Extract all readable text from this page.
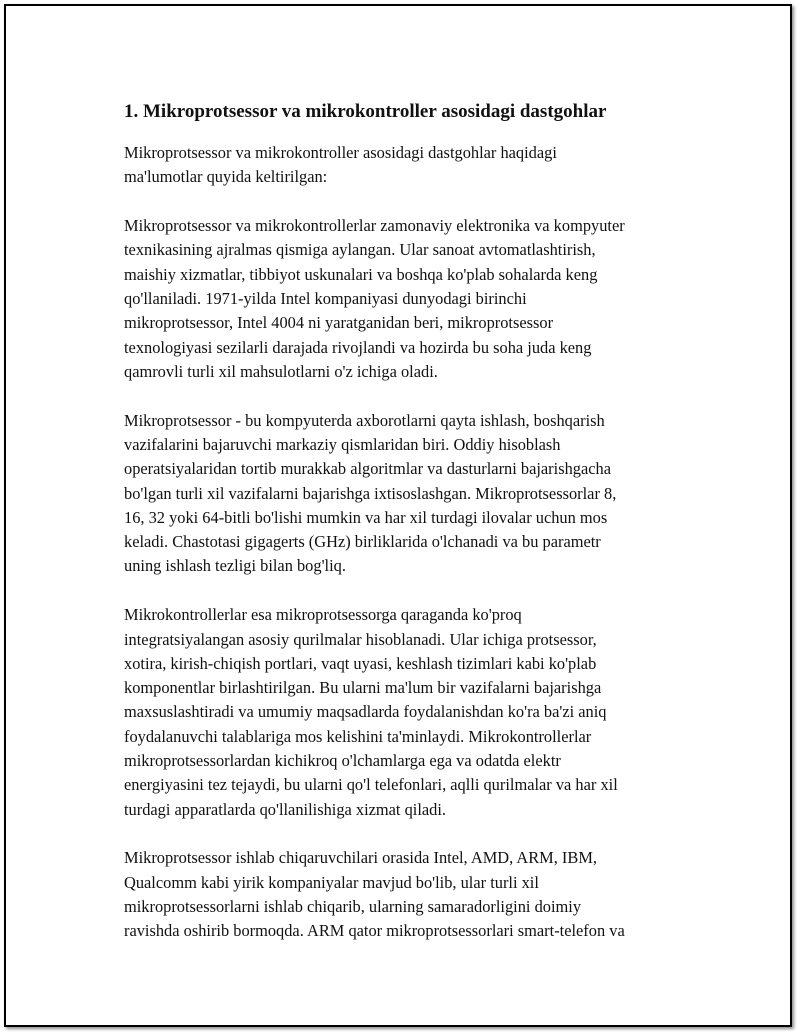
1. Mikroprotsessor va mikrokontroller asosidagi dastgohlar

Mikroprotsessor va mikrokontroller asosidagi dastgohlar haqidagi
ma'lumotlar quyida keltirilgan:

Mikroprotsessor va mikrokontrollerlar zamonaviy elektronika va kompyuter
texnikasining ajralmas qismiga aylangan. Ular sanoat avtomatlashtirish,
maishiy xizmatlar, tibbiyot uskunalari va boshqa ko'plab sohalarda keng
qo'llaniladi. 1971-yilda Intel kompaniyasi dunyodagi birinchi
mikroprotsessor, Intel 4004 ni yaratganidan beri, mikroprotsessor
texnologiyasi sezilarli darajada rivojlandi va hozirda bu soha juda keng
qamrovli turli xil mahsulotlarni o'z ichiga oladi.

Mikroprotsessor - bu kompyuterda axborotlarni qayta ishlash, boshqarish
vazifalarini bajaruvchi markaziy qismlaridan biri. Oddiy hisoblash
operatsiyalaridan tortib murakkab algoritmlar va dasturlarni bajarishgacha
bo'lgan turli xil vazifalarni bajarishga ixtisoslashgan. Mikroprotsessorlar 8,
16, 32 yoki 64-bitli bo'lishi mumkin va har xil turdagi ilovalar uchun mos
keladi. Chastotasi gigagerts (GHz) birliklarida o'lchanadi va bu parametr
uning ishlash tezligi bilan bog'liq.

Mikrokontrollerlar esa mikroprotsessorga qaraganda ko'proq
integratsiyalangan asosiy qurilmalar hisoblanadi. Ular ichiga protsessor,
xotira, kirish-chiqish portlari, vaqt uyasi, keshlash tizimlari kabi ko'plab
komponentlar birlashtirilgan. Bu ularni ma'lum bir vazifalarni bajarishga
maxsuslashtiradi va umumiy maqsadlarda foydalanishdan ko'ra ba'zi aniq
foydalanuvchi talablariga mos kelishini ta'minlaydi. Mikrokontrollerlar
mikroprotsessorlardan kichikroq o'lchamlarga ega va odatda elektr
energiyasini tez tejaydi, bu ularni qo'l telefonlari, aqlli qurilmalar va har xil
turdagi apparatlarda qo'llanilishiga xizmat qiladi.

Mikroprotsessor ishlab chiqaruvchilari orasida Intel, AMD, ARM, IBM,
Qualcomm kabi yirik kompaniyalar mavjud bo'lib, ular turli xil
mikroprotsessorlarni ishlab chiqarib, ularning samaradorligini doimiy
ravishda oshirib bormoqda. ARM qator mikroprotsessorlari smart-telefon va
